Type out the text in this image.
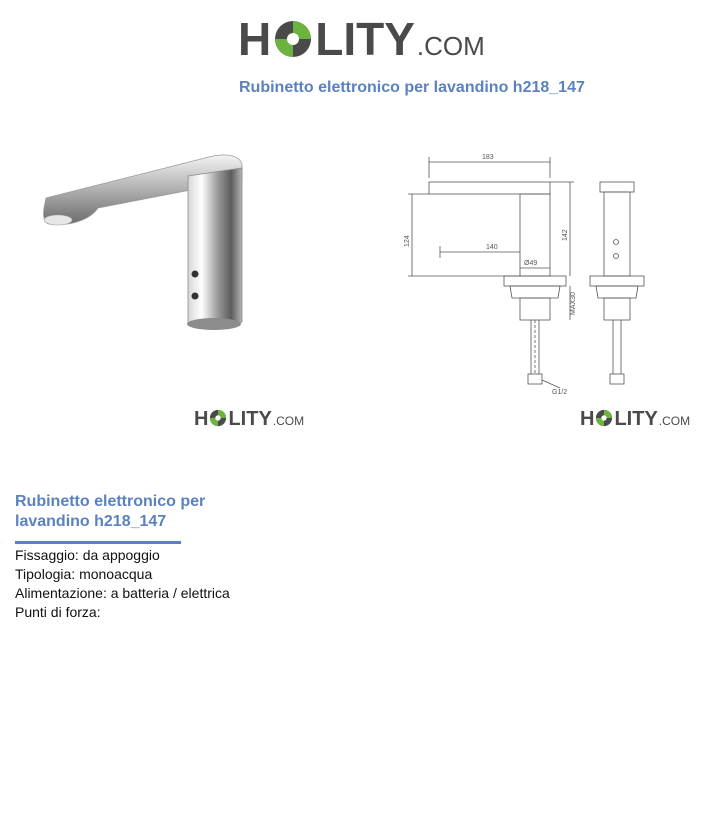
H LITY .COM
Rubinetto elettronico per lavandino h218_147
183
124
142
140
Ø49
MAX30
G1/2
H LITY .COM	H LITY .COM
Rubinetto elettronico per
lavandino h218_147
Fissaggio: da appoggio
Tipologia: monoacqua
Alimentazione: a batteria / elettrica
Punti di forza:
